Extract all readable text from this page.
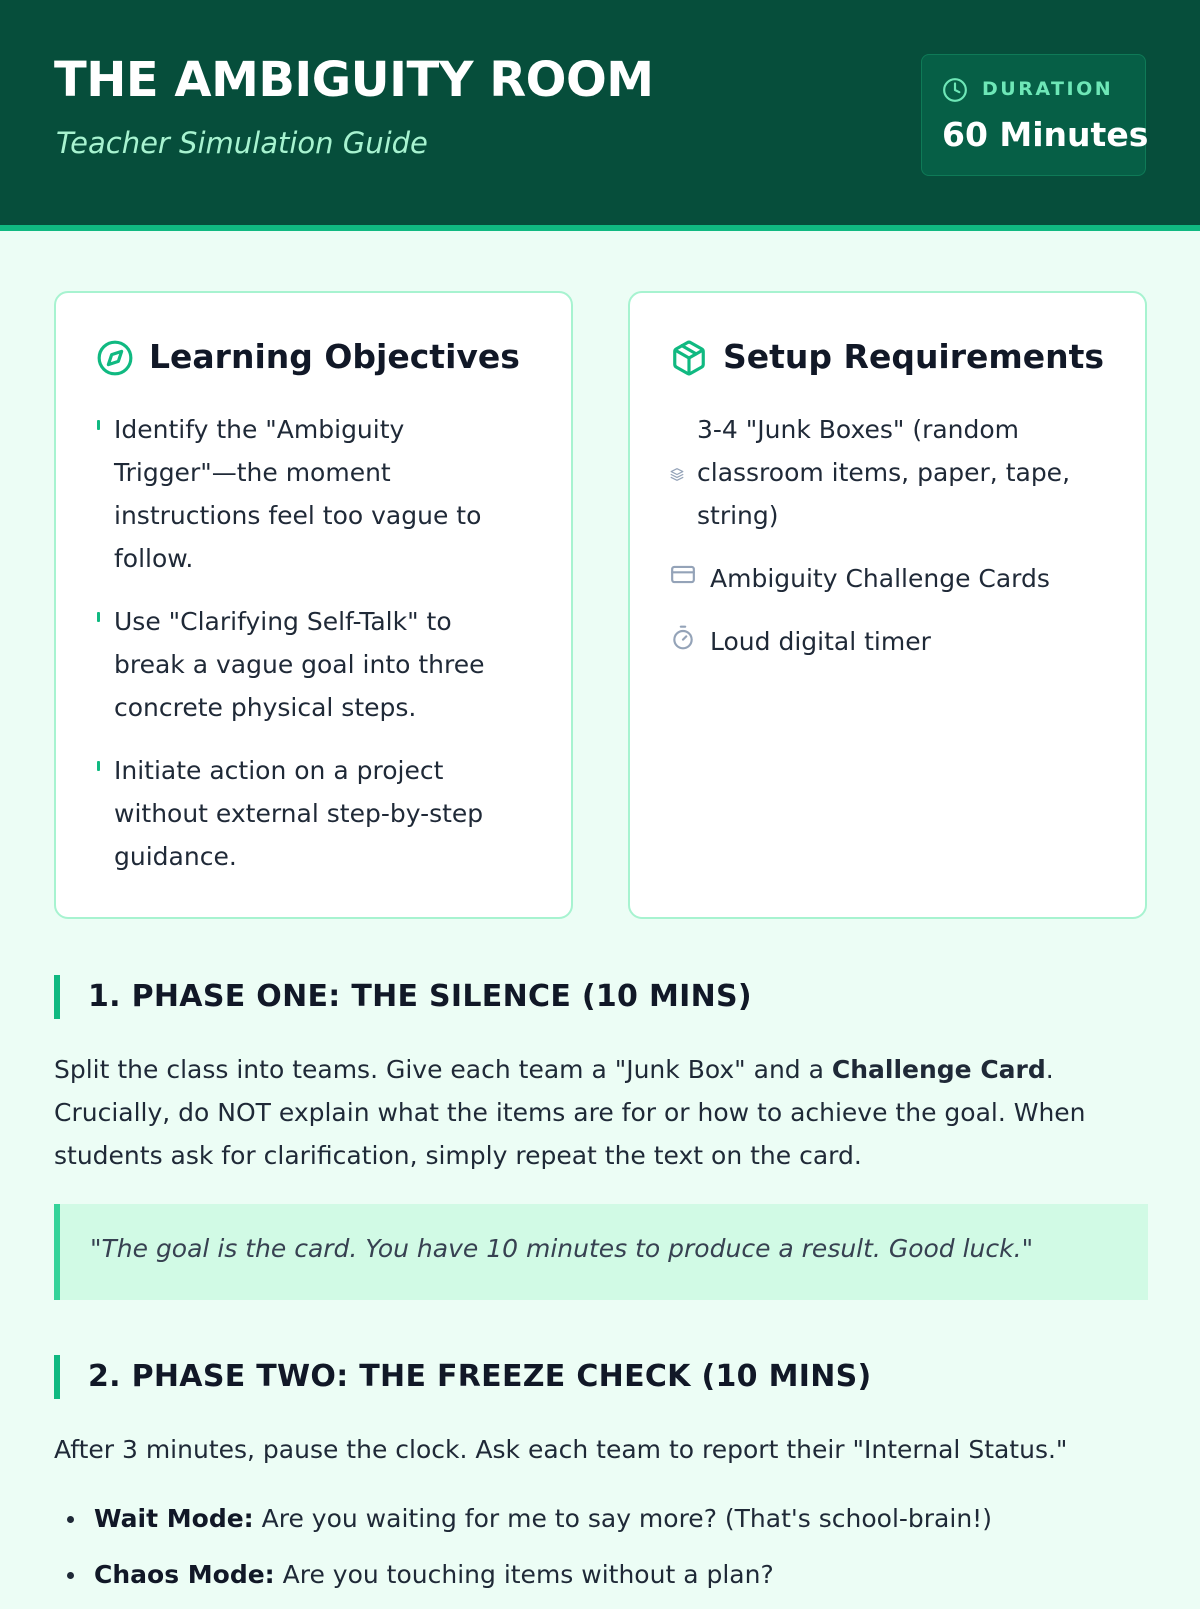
THE AMBIGUITY ROOM

Teacher Simulation Guide

DURATION
60 Minutes
Learning Objectives
Identify the "Ambiguity Trigger"—the moment instructions feel too vague to follow.
Use "Clarifying Self-Talk" to break a vague goal into three concrete physical steps.
Initiate action on a project without external step-by-step guidance.
Setup Requirements
3-4 "Junk Boxes" (random classroom items, paper, tape, string)
Ambiguity Challenge Cards
Loud digital timer
1. PHASE ONE: THE SILENCE (10 MINS)

Split the class into teams. Give each team a "Junk Box" and a Challenge Card. Crucially, do NOT explain what the items are for or how to achieve the goal. When students ask for clarification, simply repeat the text on the card.

"The goal is the card. You have 10 minutes to produce a result. Good luck."
2. PHASE TWO: THE FREEZE CHECK (10 MINS)

After 3 minutes, pause the clock. Ask each team to report their "Internal Status."

Wait Mode: Are you waiting for me to say more? (That's school-brain!)
Chaos Mode: Are you touching items without a plan?
